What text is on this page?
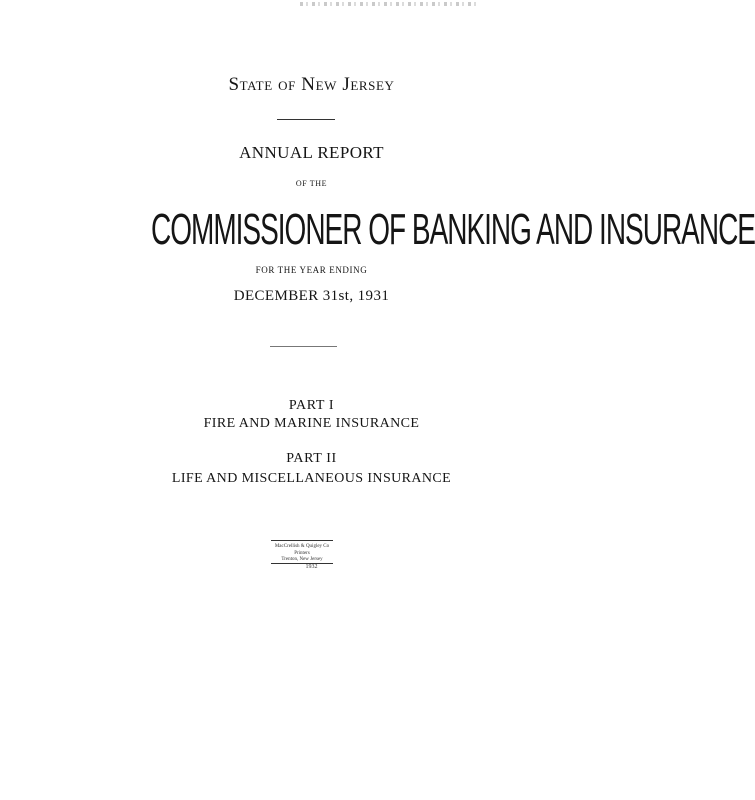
State of New Jersey
ANNUAL REPORT
OF THE
COMMISSIONER OF BANKING AND INSURANCE
FOR THE YEAR ENDING
DECEMBER 31st, 1931
PART I
FIRE AND MARINE INSURANCE
PART II
LIFE AND MISCELLANEOUS INSURANCE
MacCrellish & Quigley Co
Printers
Trenton, New Jersey
1932
